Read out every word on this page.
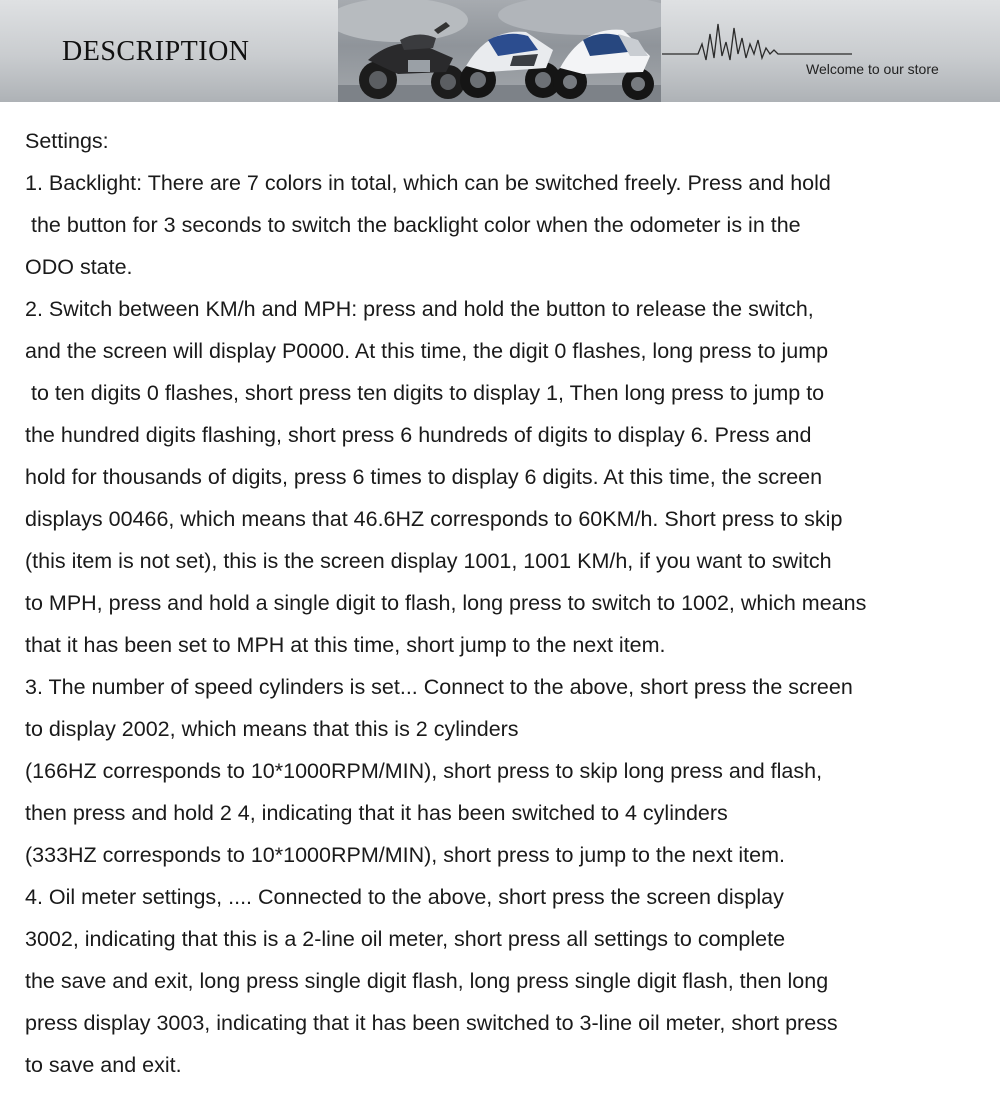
DESCRIPTION
Welcome to our store

Settings:

1. Backlight: There are 7 colors in total, which can be switched freely. Press and hold

the button for 3 seconds to switch the backlight color when the odometer is in the

ODO state.

2. Switch between KM/h and MPH: press and hold the button to release the switch,

and the screen will display P0000. At this time, the digit 0 flashes, long press to jump

to ten digits 0 flashes, short press ten digits to display 1, Then long press to jump to

the hundred digits flashing, short press 6 hundreds of digits to display 6. Press and

hold for thousands of digits, press 6 times to display 6 digits. At this time, the screen

displays 00466, which means that 46.6HZ corresponds to 60KM/h. Short press to skip

(this item is not set), this is the screen display 1001, 1001 KM/h, if you want to switch

to MPH, press and hold a single digit to flash, long press to switch to 1002, which means

that it has been set to MPH at this time, short jump to the next item.

3. The number of speed cylinders is set... Connect to the above, short press the screen

to display 2002, which means that this is 2 cylinders

(166HZ corresponds to 10*1000RPM/MIN), short press to skip long press and flash,

then press and hold 2 4, indicating that it has been switched to 4 cylinders

(333HZ corresponds to 10*1000RPM/MIN), short press to jump to the next item.

4. Oil meter settings, .... Connected to the above, short press the screen display

3002, indicating that this is a 2-line oil meter, short press all settings to complete

the save and exit, long press single digit flash, long press single digit flash, then long

press display 3003, indicating that it has been switched to 3-line oil meter, short press

to save and exit.
